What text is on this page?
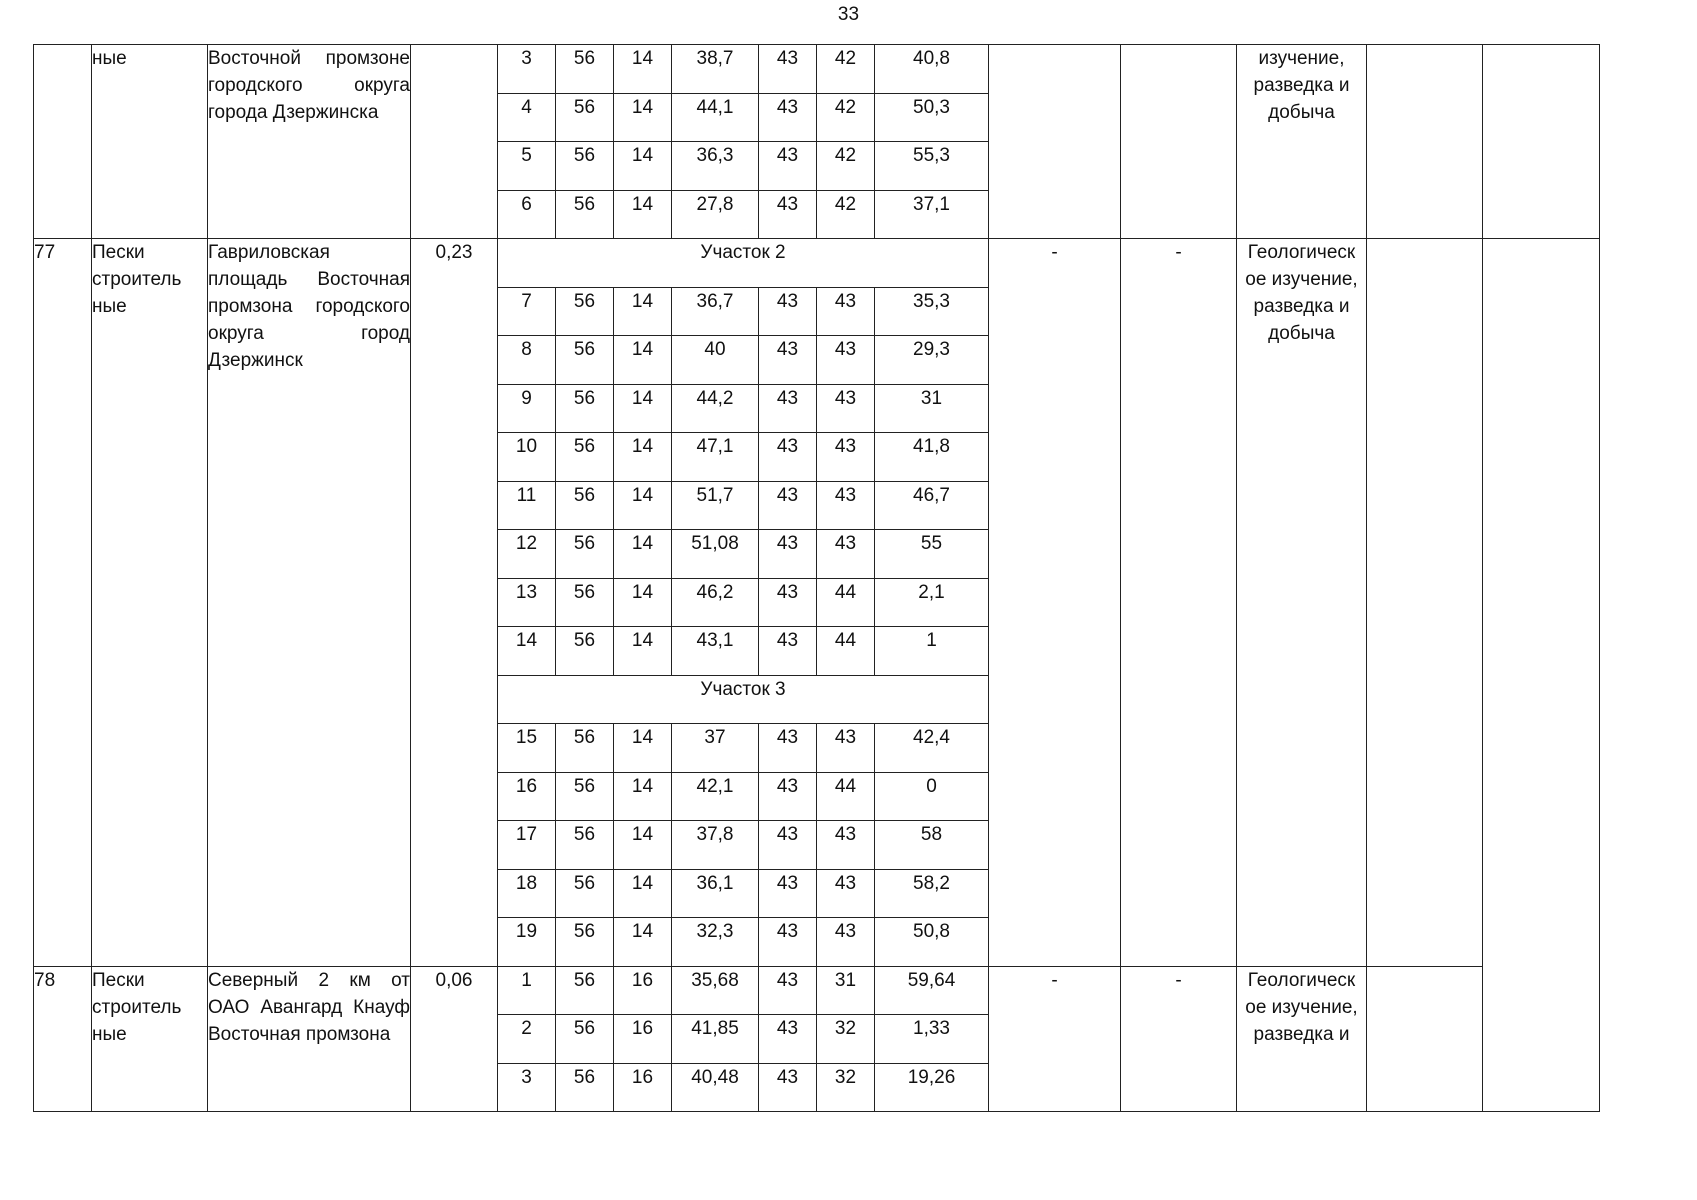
33
	ные	Восточной промзоне городского округа города Дзержинска		3	56	14	38,7	43	42	40,8			изучение, разведка и добыча		
				4	56	14	44,1	43	42	50,3					
				5	56	14	36,3	43	42	55,3					
				6	56	14	27,8	43	42	37,1					
77	Пески строитель ные	Гавриловская площадь Восточная промзона городского округа город Дзержинск	0,23	Участок 2							-	-	Геологическ ое изучение, разведка и добыча		
				7	56	14	36,7	43	43	35,3					
				8	56	14	40	43	43	29,3					
				9	56	14	44,2	43	43	31					
				10	56	14	47,1	43	43	41,8					
				11	56	14	51,7	43	43	46,7					
				12	56	14	51,08	43	43	55					
				13	56	14	46,2	43	44	2,1					
				14	56	14	43,1	43	44	1					
				Участок 3											
				15	56	14	37	43	43	42,4					
				16	56	14	42,1	43	44	0					
				17	56	14	37,8	43	43	58					
				18	56	14	36,1	43	43	58,2					
				19	56	14	32,3	43	43	50,8					
78	Пески строитель ные	Северный 2 км от ОАО Авангард Кнауф Восточная промзона	0,06	1	56	16	35,68	43	31	59,64	-	-	Геологическ ое изучение, разведка и		
				2	56	16	41,85	43	32	1,33					
				3	56	16	40,48	43	32	19,26					
